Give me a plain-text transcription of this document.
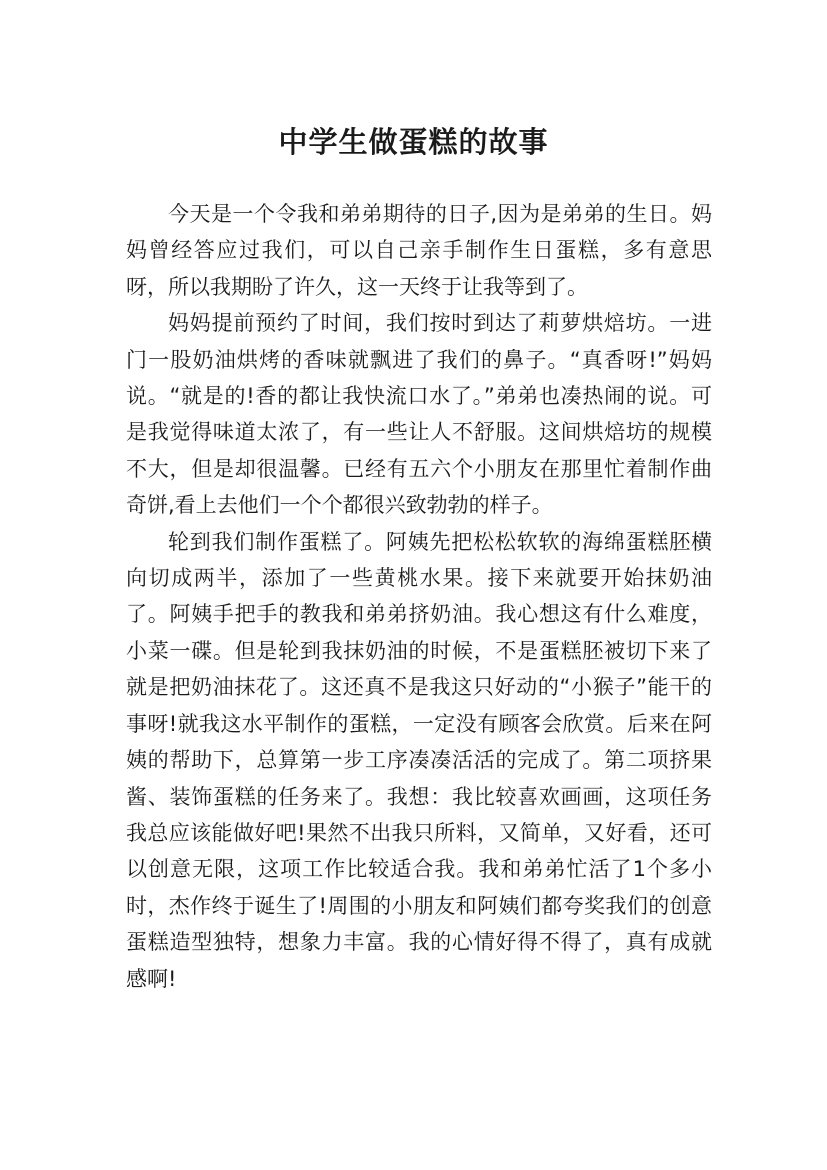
中学生做蛋糕的故事

今天是一个令我和弟弟期待的日子,因为是弟弟的生日。妈妈曾经答应过我们，可以自己亲手制作生日蛋糕，多有意思呀，所以我期盼了许久，这一天终于让我等到了。

妈妈提前预约了时间，我们按时到达了莉萝烘焙坊。一进门一股奶油烘烤的香味就飘进了我们的鼻子。“真香呀!”妈妈说。“就是的!香的都让我快流口水了。”弟弟也凑热闹的说。可是我觉得味道太浓了，有一些让人不舒服。这间烘焙坊的规模不大，但是却很温馨。已经有五六个小朋友在那里忙着制作曲奇饼,看上去他们一个个都很兴致勃勃的样子。

轮到我们制作蛋糕了。阿姨先把松松软软的海绵蛋糕胚横向切成两半，添加了一些黄桃水果。接下来就要开始抹奶油了。阿姨手把手的教我和弟弟挤奶油。我心想这有什么难度，小菜一碟。但是轮到我抹奶油的时候，不是蛋糕胚被切下来了就是把奶油抹花了。这还真不是我这只好动的“小猴子”能干的事呀!就我这水平制作的蛋糕，一定没有顾客会欣赏。后来在阿姨的帮助下，总算第一步工序凑凑活活的完成了。第二项挤果酱、装饰蛋糕的任务来了。我想：我比较喜欢画画，这项任务我总应该能做好吧!果然不出我只所料，又简单，又好看，还可以创意无限，这项工作比较适合我。我和弟弟忙活了1个多小时，杰作终于诞生了!周围的小朋友和阿姨们都夸奖我们的创意蛋糕造型独特，想象力丰富。我的心情好得不得了，真有成就感啊!
